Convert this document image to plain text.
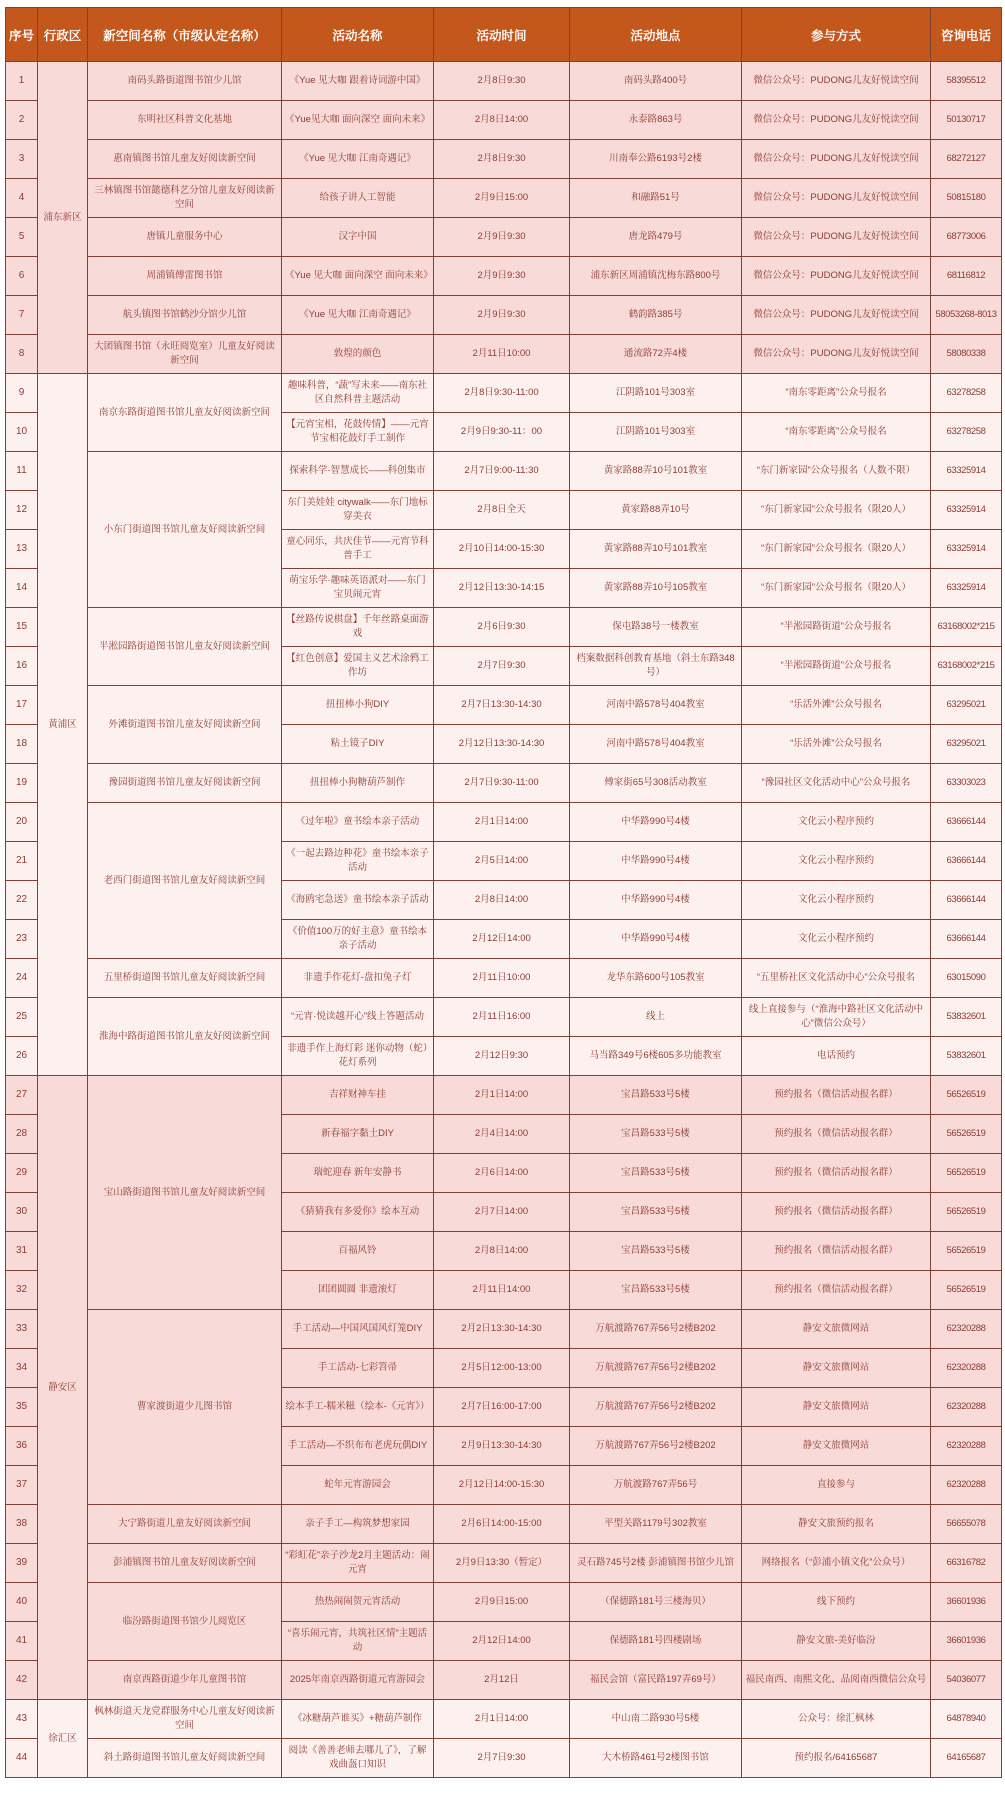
序号	行政区	新空间名称（市级认定名称）	活动名称	活动时间	活动地点	参与方式	咨询电话
1	浦东新区	南码头路街道图书馆少儿馆	《Yue 见大咖 跟着诗词游中国》	2月8日9:30	南码头路400号	微信公众号：PUDONG儿友好悦读空间	58395512
2		东明社区科普文化基地	《Yue见大咖 面向深空 面向未来》	2月8日14:00	永泰路863号	微信公众号：PUDONG儿友好悦读空间	50130717
3		惠南镇图书馆儿童友好阅读新空间	《Yue 见大咖 江南奇遇记》	2月8日9:30	川南奉公路6193号2楼	微信公众号：PUDONG儿友好悦读空间	68272127
4		三林镇图书馆懿德科艺分馆儿童友好阅读新空间	给孩子讲人工智能	2月9日15:00	和融路51号	微信公众号：PUDONG儿友好悦读空间	50815180
5		唐镇儿童服务中心	汉字中国	2月9日9:30	唐龙路479号	微信公众号：PUDONG儿友好悦读空间	68773006
6		周浦镇傅雷图书馆	《Yue 见大咖 面向深空 面向未来》	2月9日9:30	浦东新区周浦镇沈梅东路800号	微信公众号：PUDONG儿友好悦读空间	68116812
7		航头镇图书馆鹤沙分馆少儿馆	《Yue 见大咖 江南奇遇记》	2月9日9:30	鹤韵路385号	微信公众号：PUDONG儿友好悦读空间	58053268-8013
8		大团镇图书馆（永旺阅览室）儿童友好阅读新空间	敦煌的颜色	2月11日10:00	通流路72弄4楼	微信公众号：PUDONG儿友好悦读空间	58080338
9	黄浦区	南京东路街道图书馆儿童友好阅读新空间	趣味科普，“蔬”写未来——南东社区自然科普主题活动	2月8日9:30-11:00	江阴路101号303室	“南东零距离”公众号报名	63278258
10			【元宵宝相，花鼓传情】——元宵节宝相花鼓灯手工制作	2月9日9:30-11：00	江阴路101号303室	“南东零距离”公众号报名	63278258
11		小东门街道图书馆儿童友好阅读新空间	探索科学·智慧成长——科创集市	2月7日9:00-11:30	黄家路88弄10号101教室	“东门新家园”公众号报名（人数不限）	63325914
12			东门美娃娃 citywalk——东门地标穿美衣	2月8日全天	黄家路88弄10号	“东门新家园”公众号报名（限20人）	63325914
13			童心同乐，共庆佳节——元宵节科普手工	2月10日14:00-15:30	黄家路88弄10号101教室	“东门新家园”公众号报名（限20人）	63325914
14			萌宝乐学·趣味英语派对——东门宝贝闹元宵	2月12日13:30-14:15	黄家路88弄10号105教室	“东门新家园”公众号报名（限20人）	63325914
15		半淞园路街道图书馆儿童友好阅读新空间	【丝路传说棋盘】千年丝路桌面游戏	2月6日9:30	保屯路38号一楼教室	“半淞园路街道”公众号报名	63168002*215
16			【红色创意】爱国主义艺术涂鸦工作坊	2月7日9:30	档案数据科创教育基地（斜土东路348号）	“半淞园路街道”公众号报名	63168002*215
17		外滩街道图书馆儿童友好阅读新空间	扭扭棒小狗DIY	2月7日13:30-14:30	河南中路578号404教室	“乐活外滩”公众号报名	63295021
18			粘土镜子DIY	2月12日13:30-14:30	河南中路578号404教室	“乐活外滩”公众号报名	63295021
19		豫园街道图书馆儿童友好阅读新空间	扭扭棒小狗糖葫芦制作	2月7日9:30-11:00	傅家街65号308活动教室	“豫园社区文化活动中心”公众号报名	63303023
20		老西门街道图书馆儿童友好阅读新空间	《过年啦》童书绘本亲子活动	2月1日14:00	中华路990号4楼	文化云小程序预约	63666144
21			《一起去路边种花》童书绘本亲子活动	2月5日14:00	中华路990号4楼	文化云小程序预约	63666144
22			《海鸥宅急送》童书绘本亲子活动	2月8日14:00	中华路990号4楼	文化云小程序预约	63666144
23			《价值100万的好主意》童书绘本亲子活动	2月12日14:00	中华路990号4楼	文化云小程序预约	63666144
24		五里桥街道图书馆儿童友好阅读新空间	非遗手作花灯-盘扣兔子灯	2月11日10:00	龙华东路600号105教室	“五里桥社区文化活动中心”公众号报名	63015090
25		淮海中路街道图书馆儿童友好阅读新空间	“元宵·悦读越开心”线上答题活动	2月11日16:00	线上	线上直接参与（“淮海中路社区文化活动中心”微信公众号）	53832601
26			非遗手作上海灯彩 迷你动物（蛇）花灯系列	2月12日9:30	马当路349号6楼605多功能教室	电话预约	53832601
27	静安区	宝山路街道图书馆儿童友好阅读新空间	吉祥财神车挂	2月1日14:00	宝昌路533号5楼	预约报名（微信活动报名群）	56526519
28			新春福字黏土DIY	2月4日14:00	宝昌路533号5楼	预约报名（微信活动报名群）	56526519
29			瑞蛇迎春 新年安静书	2月6日14:00	宝昌路533号5楼	预约报名（微信活动报名群）	56526519
30			《猜猜我有多爱你》绘本互动	2月7日14:00	宝昌路533号5楼	预约报名（微信活动报名群）	56526519
31			百福风铃	2月8日14:00	宝昌路533号5楼	预约报名（微信活动报名群）	56526519
32			团团圆圆 非遗滚灯	2月11日14:00	宝昌路533号5楼	预约报名（微信活动报名群）	56526519
33		曹家渡街道少儿图书馆	手工活动—中国风国风灯笼DIY	2月2日13:30-14:30	万航渡路767弄56号2楼B202	静安文旅微网站	62320288
34			手工活动-七彩笤帚	2月5日12:00-13:00	万航渡路767弄56号2楼B202	静安文旅微网站	62320288
35			绘本手工-糯米糍（绘本-《元宵》）	2月7日16:00-17:00	万航渡路767弄56号2楼B202	静安文旅微网站	62320288
36			手工活动—不织布布老虎玩偶DIY	2月9日13:30-14:30	万航渡路767弄56号2楼B202	静安文旅微网站	62320288
37			蛇年元宵游园会	2月12日14:00-15:30	万航渡路767弄56号	直接参与	62320288
38		大宁路街道儿童友好阅读新空间	亲子手工—构筑梦想家园	2月6日14:00-15:00	平型关路1179号302教室	静安文旅预约报名	56655078
39		彭浦镇图书馆儿童友好阅读新空间	“彩虹花”亲子沙龙2月主题活动：闹元宵	2月9日13:30（暂定）	灵石路745号2楼 彭浦镇图书馆少儿馆	网络报名（“彭浦小镇文化”公众号）	66316782
40		临汾路街道图书馆少儿阅览区	热热闹闹贺元宵活动	2月9日15:00	（保德路181号三楼海贝）	线下预约	36601936
41			“喜乐闹元宵，共筑社区情”主题活动	2月12日14:00	保德路181号四楼剧场	静安文旅-美好临汾	36601936
42		南京西路街道少年儿童图书馆	2025年南京西路街道元宵游园会	2月12日	福民会馆（富民路197弄69号）	福民南西、南熙文化、品阅南西微信公众号	54036077
43	徐汇区	枫林街道天龙党群服务中心儿童友好阅读新空间	《冰糖葫芦谁买》+糖葫芦制作	2月1日14:00	中山南二路930号5楼	公众号：徐汇枫林	64878940
44		斜土路街道图书馆儿童友好阅读新空间	阅读《善善老师去哪儿了》，了解戏曲盔口知识	2月7日9:30	大木桥路461号2楼图书馆	预约报名/64165687	64165687
